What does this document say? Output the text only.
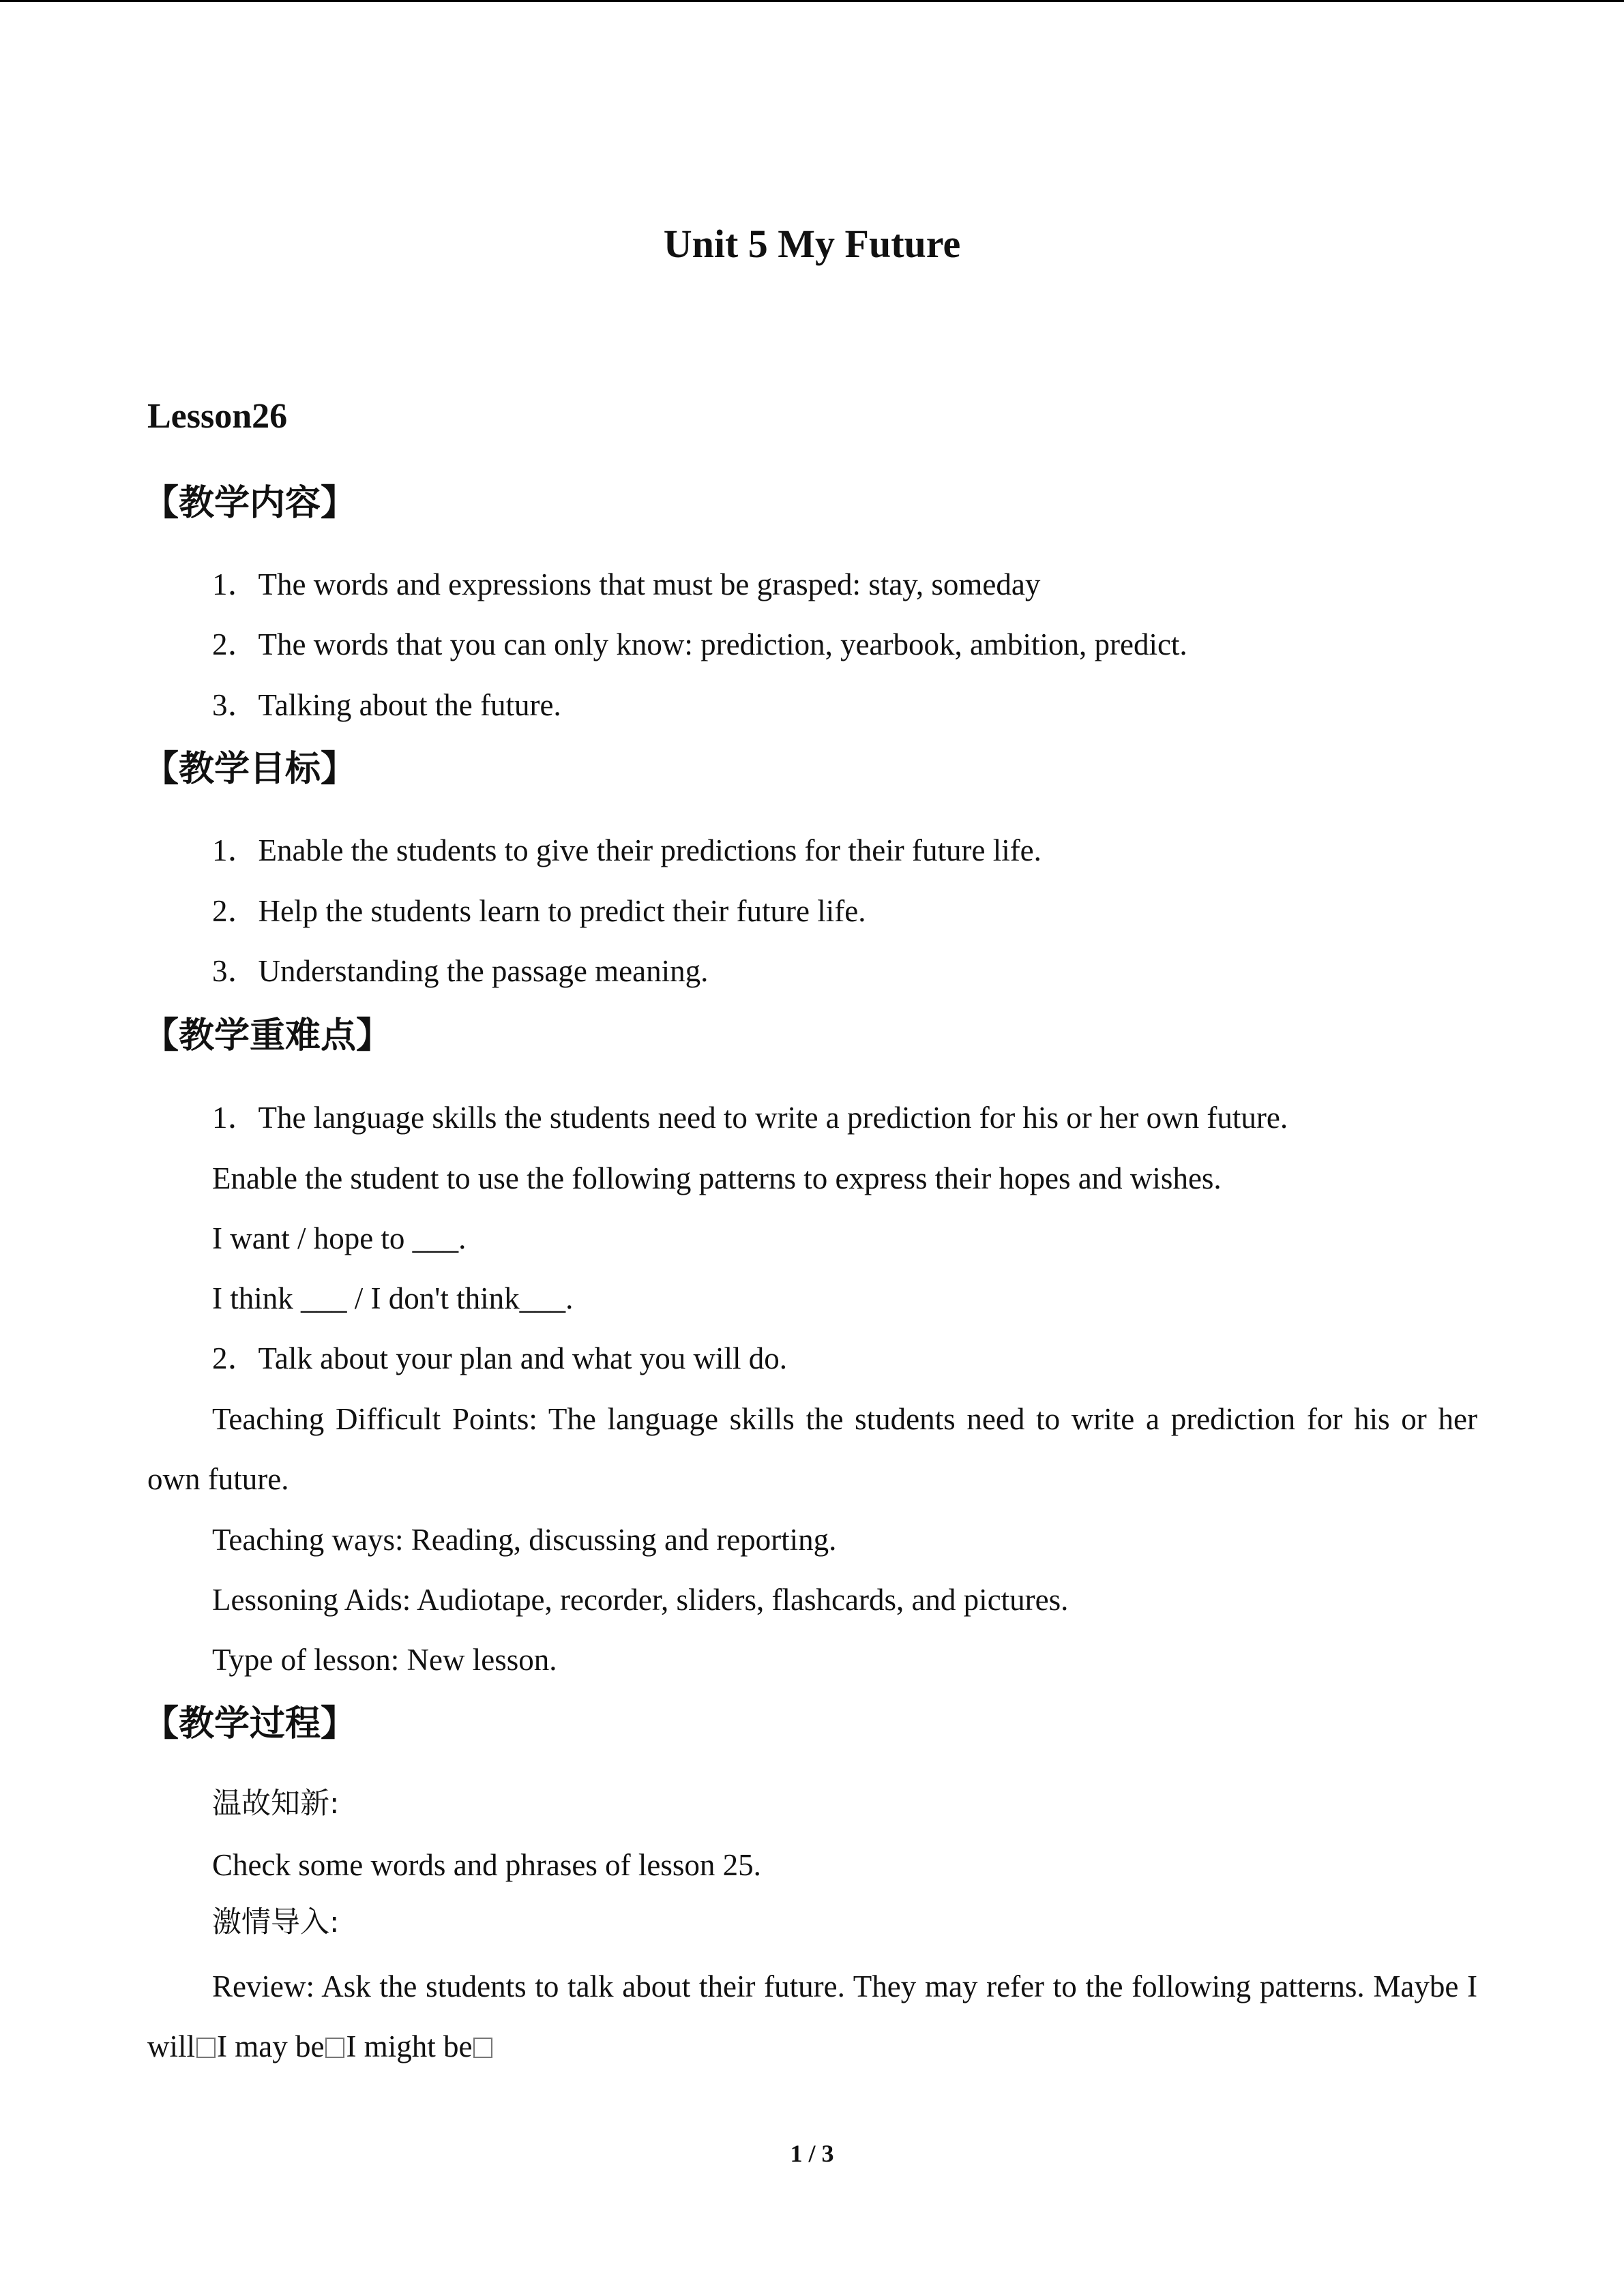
Unit 5 My Future
Lesson26
【教学内容】
1．The words and expressions that must be grasped: stay, someday
2．The words that you can only know: prediction, yearbook, ambition, predict.
3．Talking about the future.
【教学目标】
1．Enable the students to give their predictions for their future life.
2．Help the students learn to predict their future life.
3．Understanding the passage meaning.
【教学重难点】
1．The language skills the students need to write a prediction for his or her own future.
Enable the student to use the following patterns to express their hopes and wishes.
I want / hope to ___.
I think ___ / I don't think___.
2．Talk about your plan and what you will do.
Teaching Difficult Points: The language skills the students need to write a prediction for his or her own future.
Teaching ways: Reading, discussing and reporting.
Lessoning Aids: Audiotape, recorder, sliders, flashcards, and pictures.
Type of lesson: New lesson.
【教学过程】
温故知新:
Check some words and phrases of lesson 25.
激情导入:
Review: Ask the students to talk about their future. They may refer to the following patterns. Maybe I will I may be I might be
1 / 3
